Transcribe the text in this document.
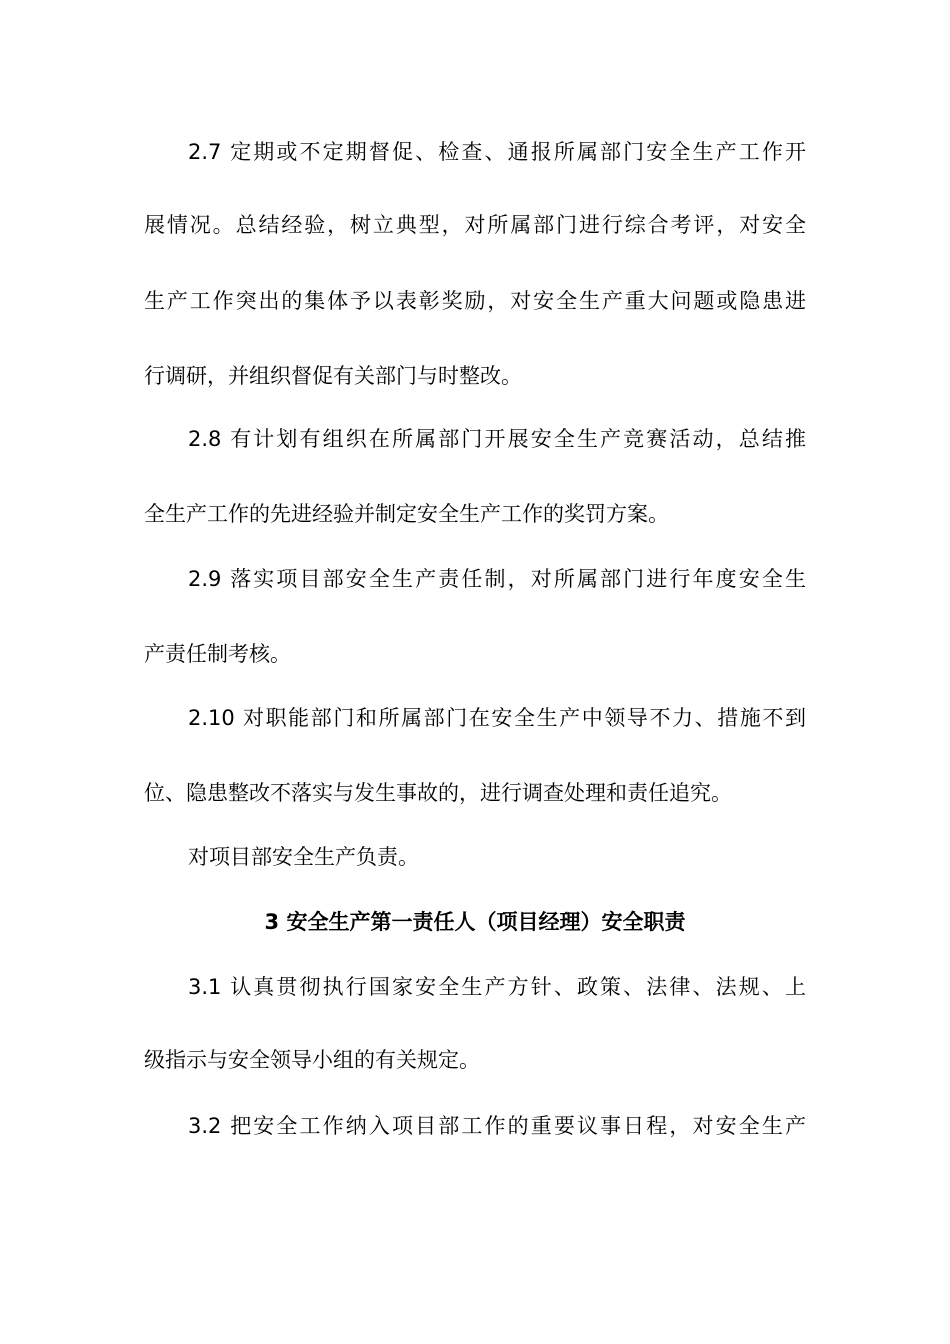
2.7 定期或不定期督促、检查、通报所属部门安全生产工作开
展情况。总结经验，树立典型，对所属部门进行综合考评，对安全
生产工作突出的集体予以表彰奖励，对安全生产重大问题或隐患进
行调研，并组织督促有关部门与时整改。
2.8 有计划有组织在所属部门开展安全生产竞赛活动，总结推
全生产工作的先进经验并制定安全生产工作的奖罚方案。
2.9 落实项目部安全生产责任制，对所属部门进行年度安全生
产责任制考核。
2.10 对职能部门和所属部门在安全生产中领导不力、措施不到
位、隐患整改不落实与发生事故的，进行调查处理和责任追究。
对项目部安全生产负责。
3 安全生产第一责任人（项目经理）安全职责
3.1 认真贯彻执行国家安全生产方针、政策、法律、法规、上
级指示与安全领导小组的有关规定。
3.2 把安全工作纳入项目部工作的重要议事日程，对安全生产
